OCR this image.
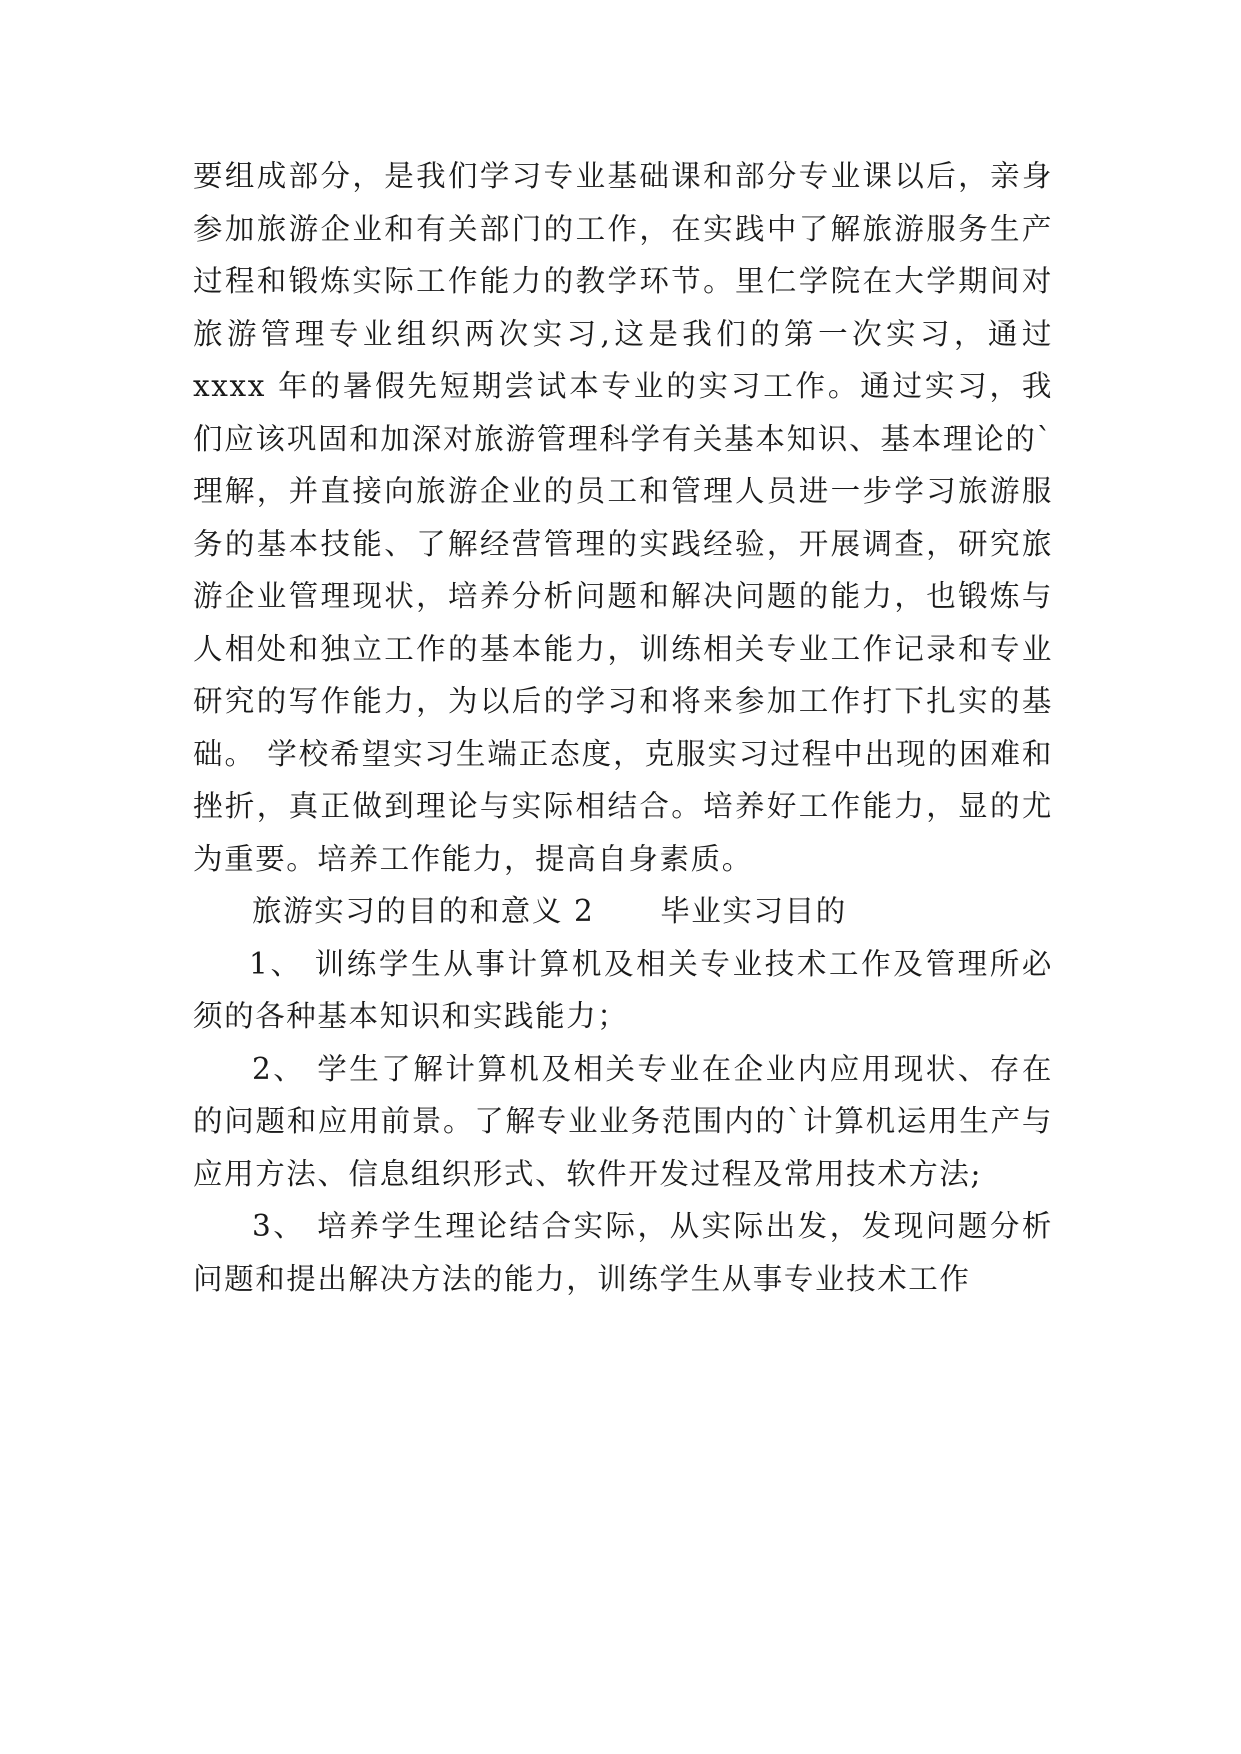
要组成部分，是我们学习专业基础课和部分专业课以后，亲身参加旅游企业和有关部门的工作，在实践中了解旅游服务生产过程和锻炼实际工作能力的教学环节。里仁学院在大学期间对旅游管理专业组织两次实习,这是我们的第一次实习，通过 xxxx 年的暑假先短期尝试本专业的实习工作。通过实习，我们应该巩固和加深对旅游管理科学有关基本知识、基本理论的`理解，并直接向旅游企业的员工和管理人员进一步学习旅游服务的基本技能、了解经营管理的实践经验，开展调查，研究旅游企业管理现状，培养分析问题和解决问题的能力，也锻炼与人相处和独立工作的基本能力，训练相关专业工作记录和专业研究的写作能力，为以后的学习和将来参加工作打下扎实的基础。 学校希望实习生端正态度，克服实习过程中出现的困难和挫折，真正做到理论与实际相结合。培养好工作能力，显的尤为重要。培养工作能力，提高自身素质。

旅游实习的目的和意义 2      毕业实习目的

1、 训练学生从事计算机及相关专业技术工作及管理所必须的各种基本知识和实践能力；

2、 学生了解计算机及相关专业在企业内应用现状、存在的问题和应用前景。了解专业业务范围内的`计算机运用生产与应用方法、信息组织形式、软件开发过程及常用技术方法;

3、 培养学生理论结合实际，从实际出发，发现问题分析问题和提出解决方法的能力，训练学生从事专业技术工作
